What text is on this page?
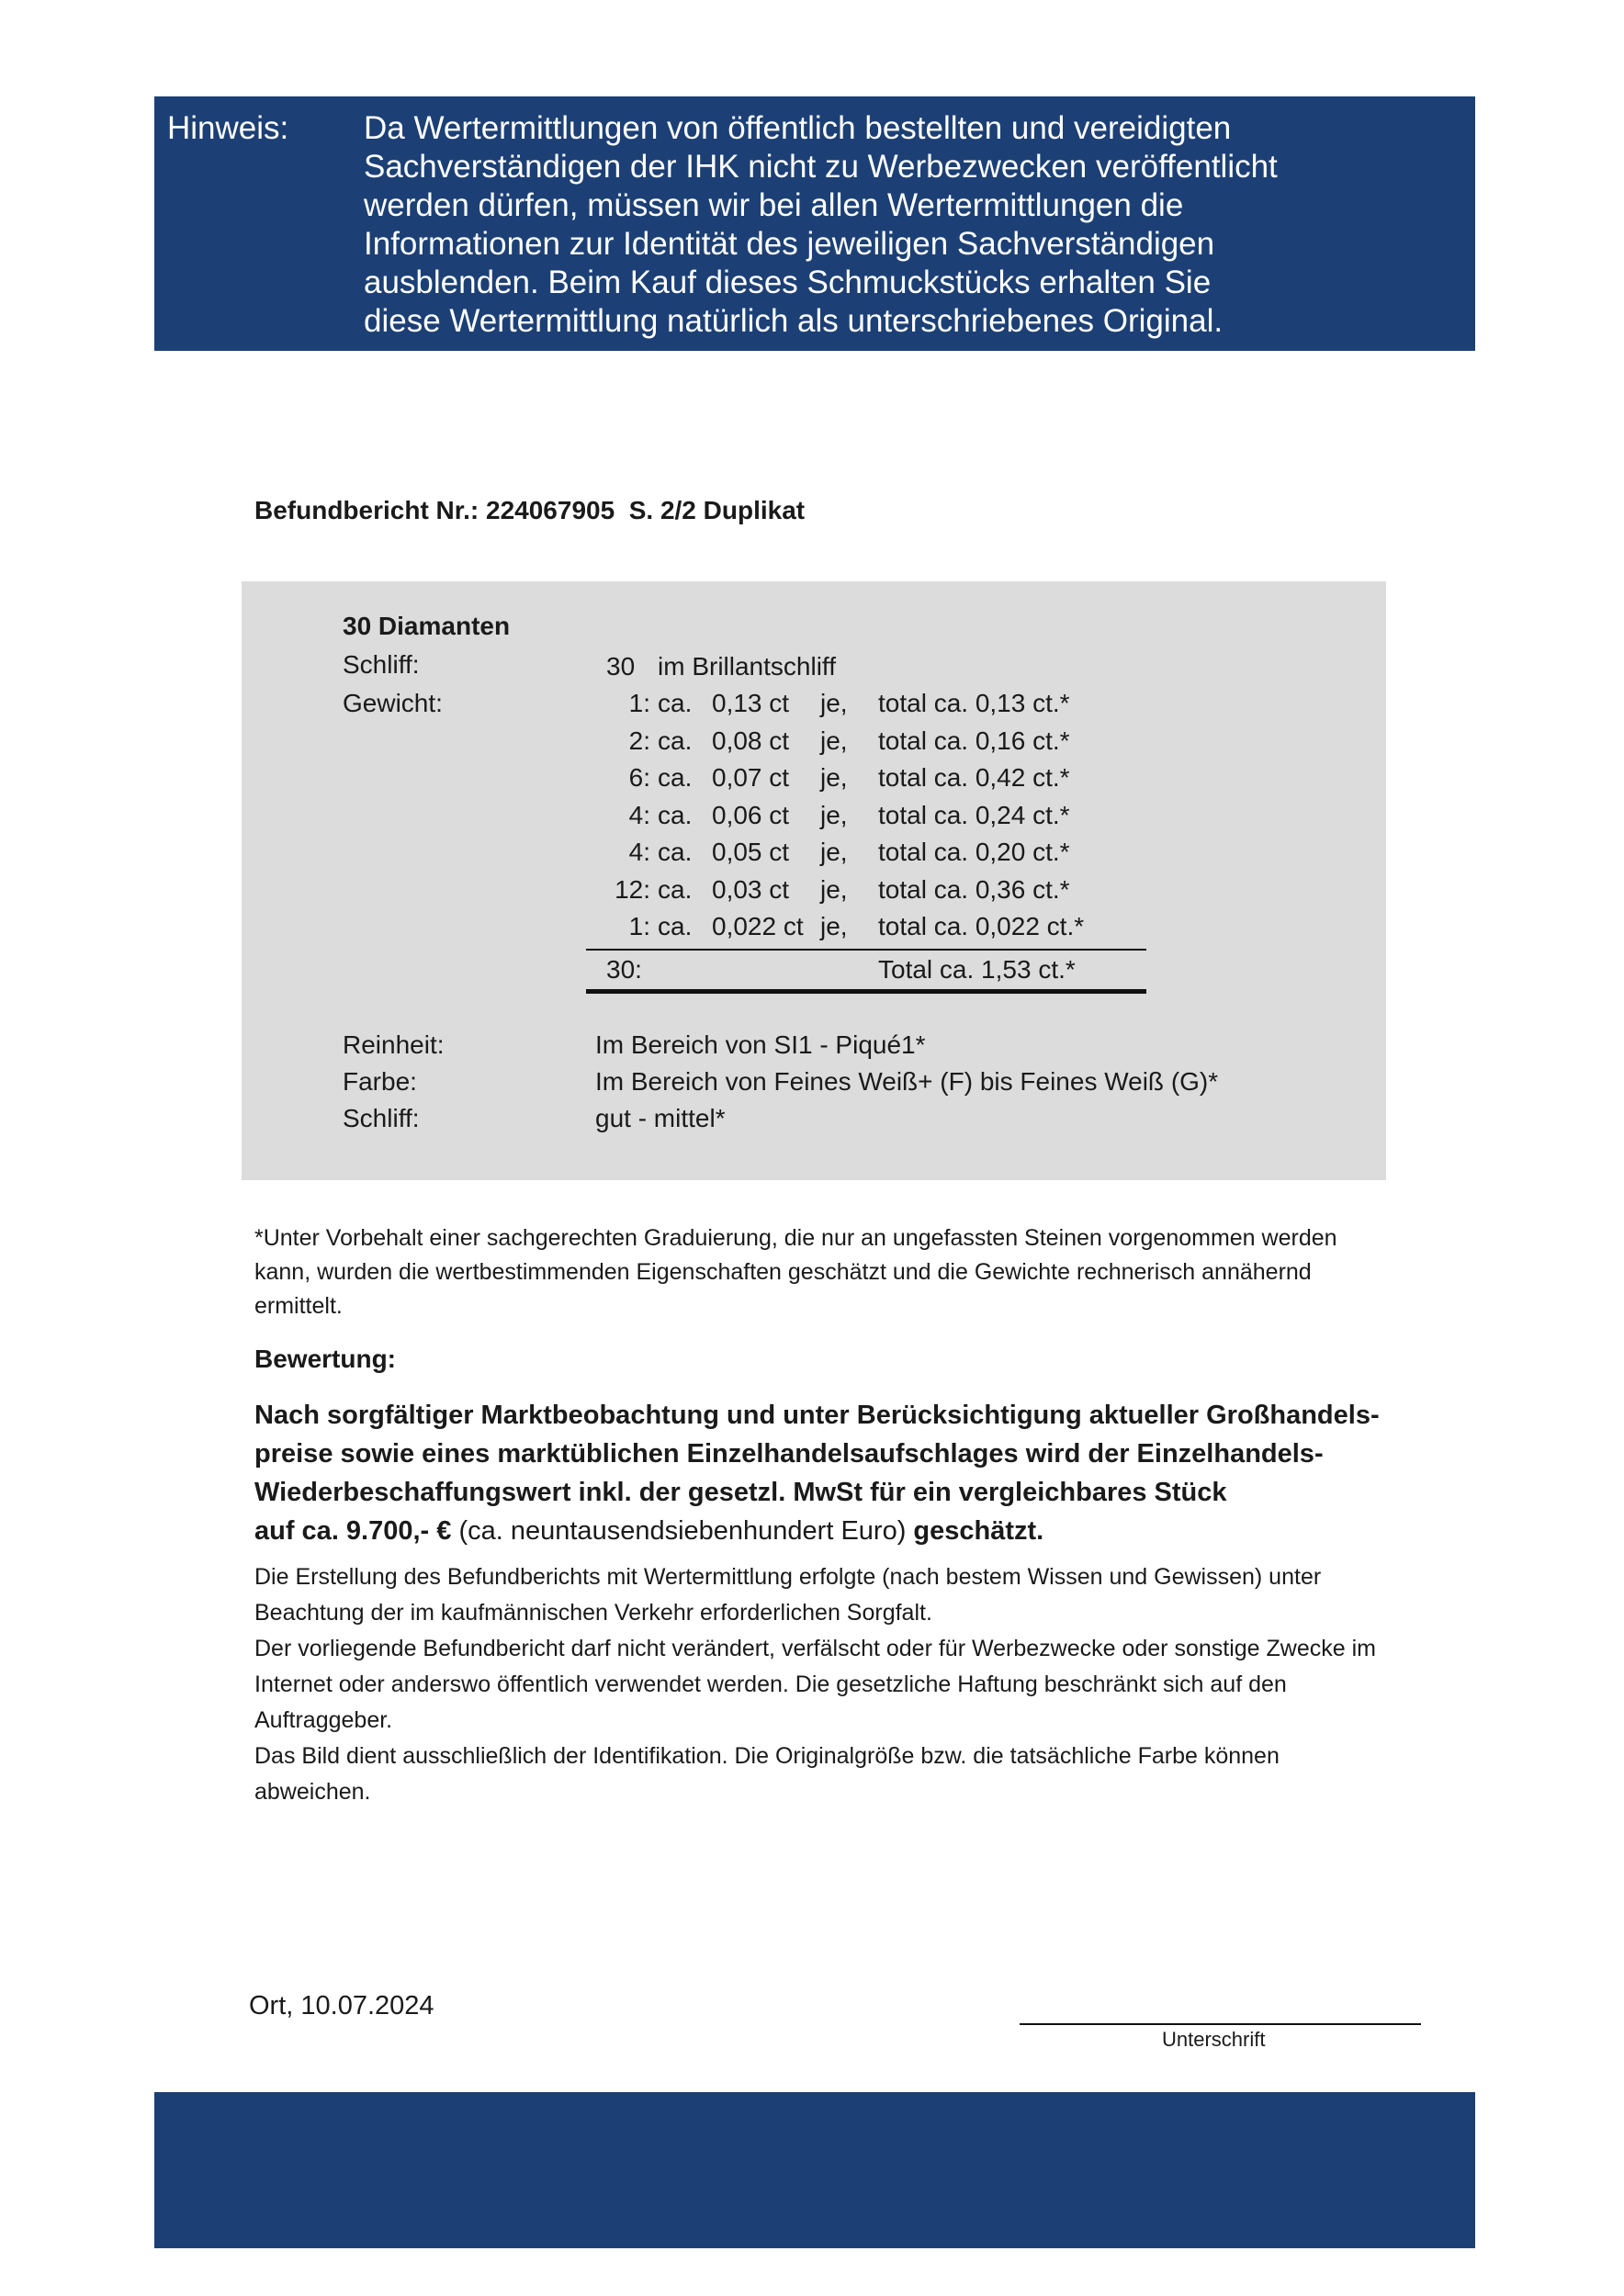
Hinweis: Da Wertermittlungen von öffentlich bestellten und vereidigten
Sachverständigen der IHK nicht zu Werbezwecken veröffentlicht
werden dürfen, müssen wir bei allen Wertermittlungen die
Informationen zur Identität des jeweiligen Sachverständigen
ausblenden. Beim Kauf dieses Schmuckstücks erhalten Sie
diese Wertermittlung natürlich als unterschriebenes Original.
Befundbericht Nr.: 224067905  S. 2/2 Duplikat
30 Diamanten
Schliff:	30 im Brillantschliff
Gewicht:	1: ca. 0,13 ct	je,	total ca. 0,13 ct.*
2: ca. 0,08 ct	je,	total ca. 0,16 ct.*
6: ca. 0,07 ct	je,	total ca. 0,42 ct.*
4: ca. 0,06 ct	je,	total ca. 0,24 ct.*
4: ca. 0,05 ct	je,	total ca. 0,20 ct.*
12: ca. 0,03 ct	je,	total ca. 0,36 ct.*
1: ca. 0,022 ct je,	total ca. 0,022 ct.*
30:	Total ca. 1,53 ct.*
Reinheit:	Im Bereich von SI1 - Piqué1*
Farbe:	Im Bereich von Feines Weiß+ (F) bis Feines Weiß (G)*
Schliff:	gut - mittel*
*Unter Vorbehalt einer sachgerechten Graduierung, die nur an ungefassten Steinen vorgenommen werden
kann, wurden die wertbestimmenden Eigenschaften geschätzt und die Gewichte rechnerisch annähernd
ermittelt.
Bewertung:
Nach sorgfältiger Marktbeobachtung und unter Berücksichtigung aktueller Großhandels-
preise sowie eines marktüblichen Einzelhandelsaufschlages wird der Einzelhandels-
Wiederbeschaffungswert inkl. der gesetzl. MwSt für ein vergleichbares Stück
auf ca. 9.700,- € (ca. neuntausendsiebenhundert Euro) geschätzt.

Die Erstellung des Befundberichts mit Wertermittlung erfolgte (nach bestem Wissen und Gewissen) unter
Beachtung der im kaufmännischen Verkehr erforderlichen Sorgfalt.

Der vorliegende Befundbericht darf nicht verändert, verfälscht oder für Werbezwecke oder sonstige Zwecke im
Internet oder anderswo öffentlich verwendet werden. Die gesetzliche Haftung beschränkt sich auf den
Auftraggeber.

Das Bild dient ausschließlich der Identifikation. Die Originalgröße bzw. die tatsächliche Farbe können
abweichen.

Ort, 10.07.2024
Unterschrift
